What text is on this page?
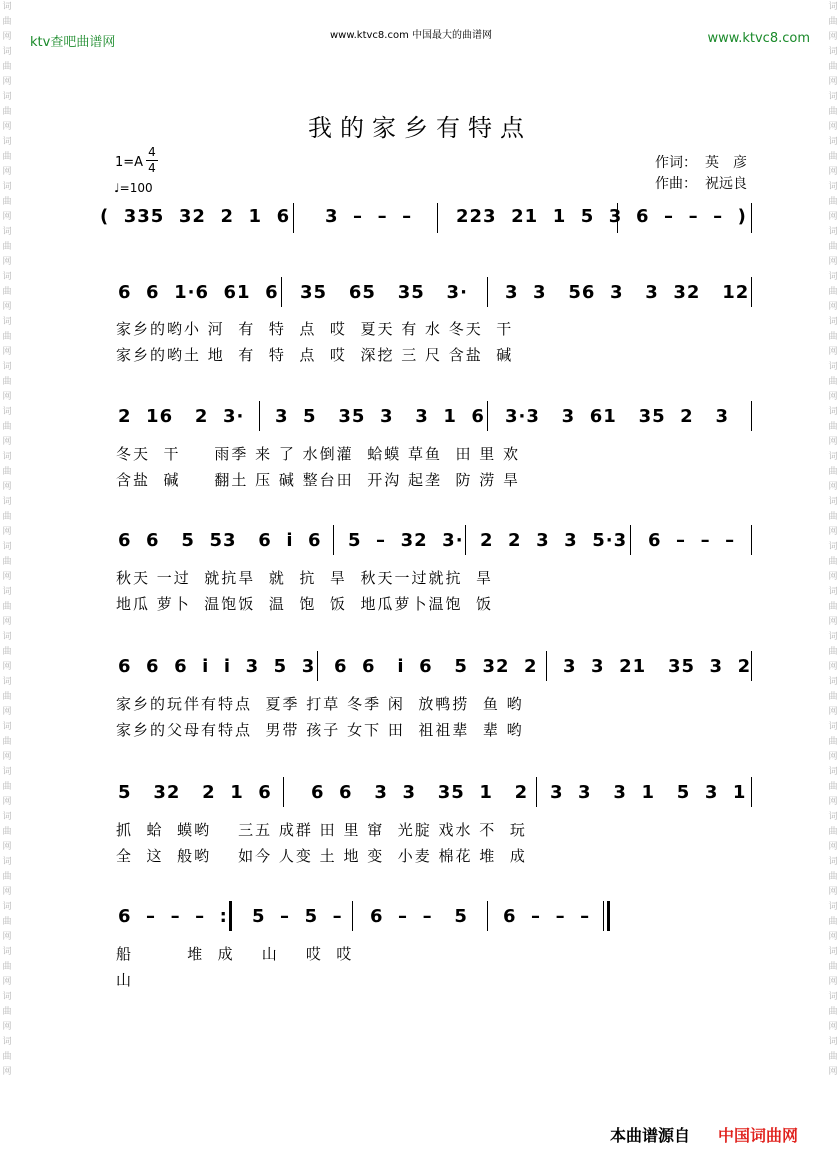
词曲网词曲网词曲网词曲网词曲网词曲网词曲网词曲网词曲网词曲网词曲网词曲网词曲网词曲网词曲网词曲网词曲网词曲网词曲网词曲网词曲网词曲网词曲网词曲网
词曲网词曲网词曲网词曲网词曲网词曲网词曲网词曲网词曲网词曲网词曲网词曲网词曲网词曲网词曲网词曲网词曲网词曲网词曲网词曲网词曲网词曲网词曲网词曲网
ktv查吧曲谱网	www.ktvc8.com 中国最大的曲谱网	www.ktvc8.com
我的家乡有特点
1=A
4
4
♩=100
作词： 英　彦
作曲： 祝远良
(  335  32  2  1  6 3  –  –  – 223  21  1  5  3 6  –  –  –  )
6  6  1·6  61  6 35   65   35   3· 3  3   56  3   3  32   12
家乡的哟小 河  有  特  点  哎  夏天 有 水 冬天  干
家乡的哟土 地  有  特  点  哎  深挖 三 尺 含盐  碱
2  16   2  3· 3  5   35  3   3  1  6 3·3   3  61   35  2   3
冬天  干     雨季 来 了 水倒灌  蛤蟆 草鱼  田 里 欢
含盐  碱     翻土 压 碱 整台田  开沟 起垄  防 涝 旱
6  6   5  53   6  i  6 5  –  32  3· 2  2  3  3  5·3 6  –  –  –
秋天 一过  就抗旱  就  抗  旱  秋天一过就抗  旱
地瓜 萝卜  温饱饭  温  饱  饭  地瓜萝卜温饱  饭
6  6  6  i  i  3  5  3 6  6   i  6   5  32  2 3  3  21   35  3  2
家乡的玩伴有特点  夏季 打草 冬季 闲  放鸭捞  鱼 哟
家乡的父母有特点  男带 孩子 女下 田  祖祖辈  辈 哟
5   32   2  1  6 6  6   3  3   35  1   2 3  3   3  1   5  3  1
抓  蛤  蟆哟    三五 成群 田 里 窜  光腚 戏水 不  玩
全  这  般哟    如今 人变 土 地 变  小麦 棉花 堆  成
6  –  –  –  : 5  –  5  – 6  –  –   5 6  –  –  –
船        堆  成    山    哎  哎
山
本曲谱源自 中国词曲网
